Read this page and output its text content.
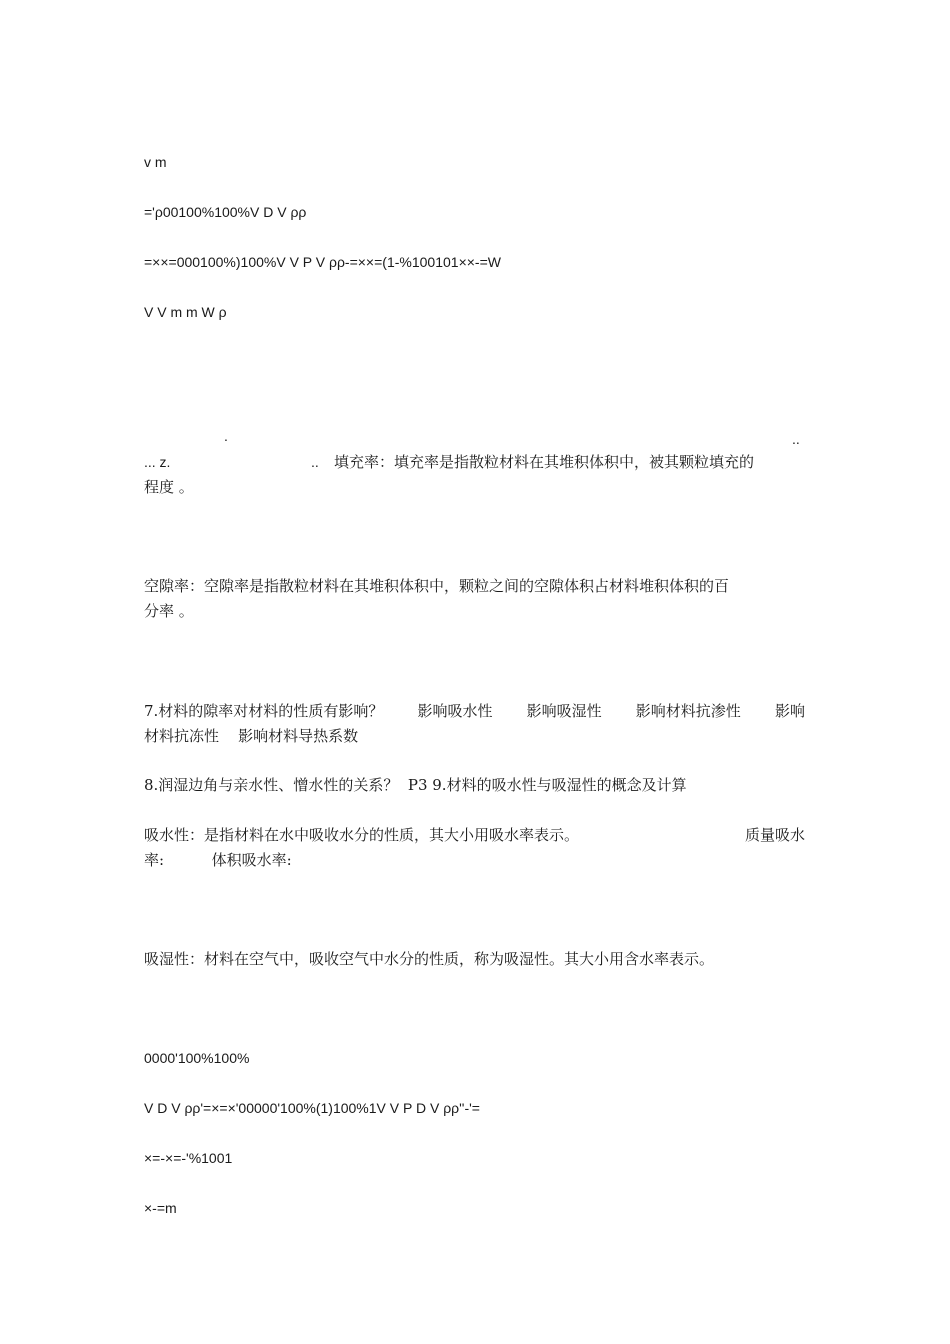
v m
='ρ00100%100%V D V ρρ
=××=000100%)100%V V P V ρρ-=××=(1-%100101××-=W
V V m m W ρ
.	..
... z.	.. 填充率：填充率是指散粒材料在其堆积体积中，被其颗粒填充的
程度 。
空隙率：空隙率是指散粒材料在其堆积体积中，颗粒之间的空隙体积占材料堆积体积的百
分率 。
7.材料的隙率对材料的性质有影响？ 影响吸水性 影响吸湿性 影响材料抗渗性 影响
材料抗冻性    影响材料导热系数
8.润湿边角与亲水性、憎水性的关系？  P3 9.材料的吸水性与吸湿性的概念及计算
吸水性：是指材料在水中吸收水分的性质，其大小用吸水率表示。	质量吸水
率:	体积吸水率:
吸湿性：材料在空气中，吸收空气中水分的性质，称为吸湿性。其大小用含水率表示。
0000'100%100%
V D V ρρ'=×=×'00000'100%(1)100%1V V P D V ρρ''-'=
×=-×=-'%1001
×-=m
